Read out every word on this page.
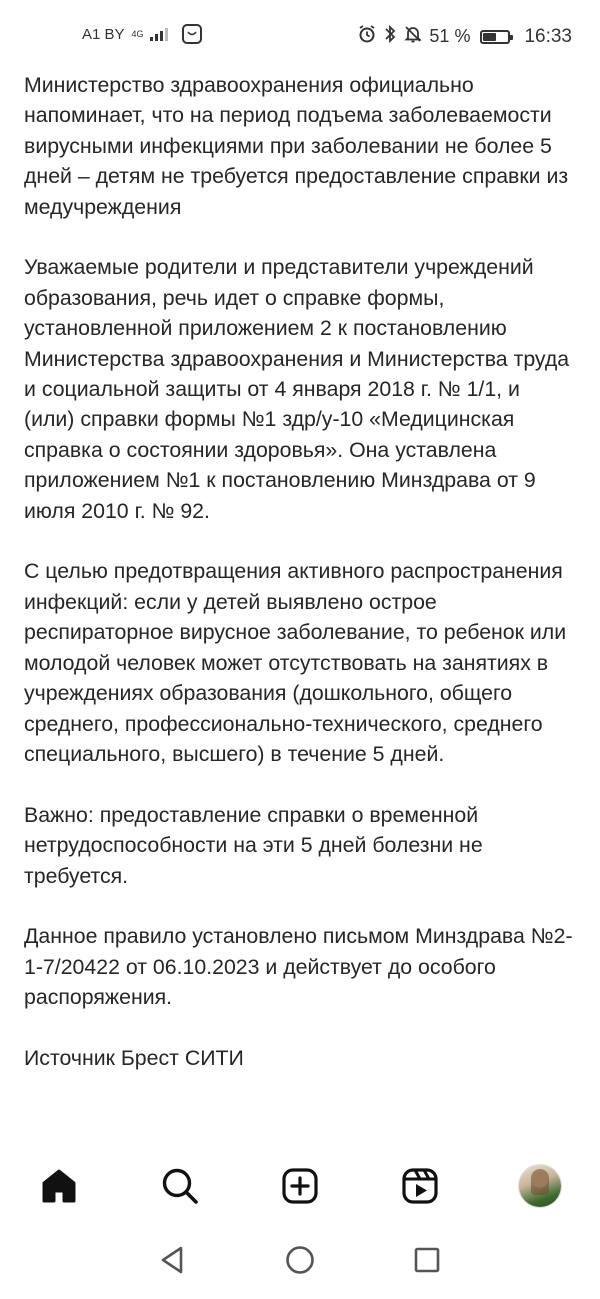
A1 BY 4G	51 %	16:33

Министерство здравоохранения официально напоминает, что на период подъема заболеваемости вирусными инфекциями при заболевании не более 5 дней – детям не требуется предоставление справки из медучреждения

Уважаемые родители и представители учреждений образования, речь идет о справке формы, установленной приложением 2 к постановлению Министерства здравоохранения и Министерства труда и социальной защиты от 4 января 2018 г. № 1/1, и (или) справки формы №1 здр/у-10 «Медицинская справка о состоянии здоровья». Она уставлена приложением №1 к постановлению Минздрава от 9 июля 2010 г. № 92.

С целью предотвращения активного распространения инфекций: если у детей выявлено острое респираторное вирусное заболевание, то ребенок или молодой человек может отсутствовать на занятиях в учреждениях образования (дошкольного, общего среднего, профессионально-технического, среднего специального, высшего) в течение 5 дней.

Важно: предоставление справки о временной нетрудоспособности на эти 5 дней болезни не требуется.

Данное правило установлено письмом Минздрава №2-1-7/20422 от 06.10.2023 и действует до особого распоряжения.

Источник Брест СИТИ
